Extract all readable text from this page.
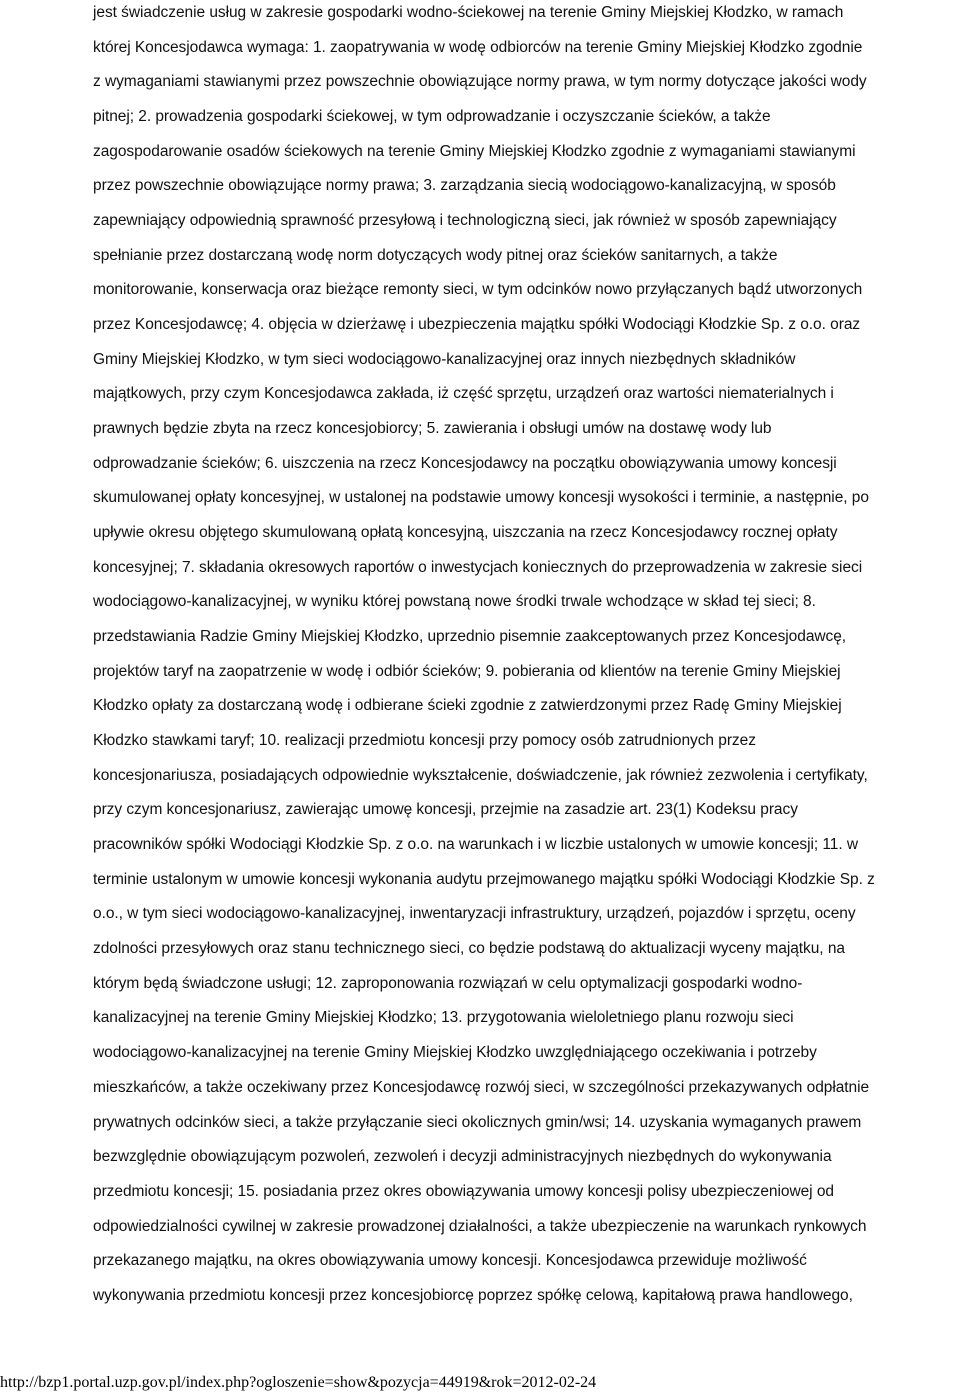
jest świadczenie usług w zakresie gospodarki wodno-ściekowej na terenie Gminy Miejskiej Kłodzko, w ramach
której Koncesjodawca wymaga: 1. zaopatrywania w wodę odbiorców na terenie Gminy Miejskiej Kłodzko zgodnie
z wymaganiami stawianymi przez powszechnie obowiązujące normy prawa, w tym normy dotyczące jakości wody
pitnej; 2. prowadzenia gospodarki ściekowej, w tym odprowadzanie i oczyszczanie ścieków, a także
zagospodarowanie osadów ściekowych na terenie Gminy Miejskiej Kłodzko zgodnie z wymaganiami stawianymi
przez powszechnie obowiązujące normy prawa; 3. zarządzania siecią wodociągowo-kanalizacyjną, w sposób
zapewniający odpowiednią sprawność przesyłową i technologiczną sieci, jak również w sposób zapewniający
spełnianie przez dostarczaną wodę norm dotyczących wody pitnej oraz ścieków sanitarnych, a także
monitorowanie, konserwacja oraz bieżące remonty sieci, w tym odcinków nowo przyłączanych bądź utworzonych
przez Koncesjodawcę; 4. objęcia w dzierżawę i ubezpieczenia majątku spółki Wodociągi Kłodzkie Sp. z o.o. oraz
Gminy Miejskiej Kłodzko, w tym sieci wodociągowo-kanalizacyjnej oraz innych niezbędnych składników
majątkowych, przy czym Koncesjodawca zakłada, iż część sprzętu, urządzeń oraz wartości niematerialnych i
prawnych będzie zbyta na rzecz koncesjobiorcy; 5. zawierania i obsługi umów na dostawę wody lub
odprowadzanie ścieków; 6. uiszczenia na rzecz Koncesjodawcy na początku obowiązywania umowy koncesji
skumulowanej opłaty koncesyjnej, w ustalonej na podstawie umowy koncesji wysokości i terminie, a następnie, po
upływie okresu objętego skumulowaną opłatą koncesyjną, uiszczania na rzecz Koncesjodawcy rocznej opłaty
koncesyjnej; 7. składania okresowych raportów o inwestycjach koniecznych do przeprowadzenia w zakresie sieci
wodociągowo-kanalizacyjnej, w wyniku której powstaną nowe środki trwale wchodzące w skład tej sieci; 8.
przedstawiania Radzie Gminy Miejskiej Kłodzko, uprzednio pisemnie zaakceptowanych przez Koncesjodawcę,
projektów taryf na zaopatrzenie w wodę i odbiór ścieków; 9. pobierania od klientów na terenie Gminy Miejskiej
Kłodzko opłaty za dostarczaną wodę i odbierane ścieki zgodnie z zatwierdzonymi przez Radę Gminy Miejskiej
Kłodzko stawkami taryf; 10. realizacji przedmiotu koncesji przy pomocy osób zatrudnionych przez
koncesjonariusza, posiadających odpowiednie wykształcenie, doświadczenie, jak również zezwolenia i certyfikaty,
przy czym koncesjonariusz, zawierając umowę koncesji, przejmie na zasadzie art. 23(1) Kodeksu pracy
pracowników spółki Wodociągi Kłodzkie Sp. z o.o. na warunkach i w liczbie ustalonych w umowie koncesji; 11. w
terminie ustalonym w umowie koncesji wykonania audytu przejmowanego majątku spółki Wodociągi Kłodzkie Sp. z
o.o., w tym sieci wodociągowo-kanalizacyjnej, inwentaryzacji infrastruktury, urządzeń, pojazdów i sprzętu, oceny
zdolności przesyłowych oraz stanu technicznego sieci, co będzie podstawą do aktualizacji wyceny majątku, na
którym będą świadczone usługi; 12. zaproponowania rozwiązań w celu optymalizacji gospodarki wodno-
kanalizacyjnej na terenie Gminy Miejskiej Kłodzko; 13. przygotowania wieloletniego planu rozwoju sieci
wodociągowo-kanalizacyjnej na terenie Gminy Miejskiej Kłodzko uwzględniającego oczekiwania i potrzeby
mieszkańców, a także oczekiwany przez Koncesjodawcę rozwój sieci, w szczególności przekazywanych odpłatnie
prywatnych odcinków sieci, a także przyłączanie sieci okolicznych gmin/wsi; 14. uzyskania wymaganych prawem
bezwzględnie obowiązującym pozwoleń, zezwoleń i decyzji administracyjnych niezbędnych do wykonywania
przedmiotu koncesji; 15. posiadania przez okres obowiązywania umowy koncesji polisy ubezpieczeniowej od
odpowiedzialności cywilnej w zakresie prowadzonej działalności, a także ubezpieczenie na warunkach rynkowych
przekazanego majątku, na okres obowiązywania umowy koncesji. Koncesjodawca przewiduje możliwość
wykonywania przedmiotu koncesji przez koncesjobiorcę poprzez spółkę celową, kapitałową prawa handlowego,
http://bzp1.portal.uzp.gov.pl/index.php?ogloszenie=show&pozycja=44919&rok=2012-02-24
